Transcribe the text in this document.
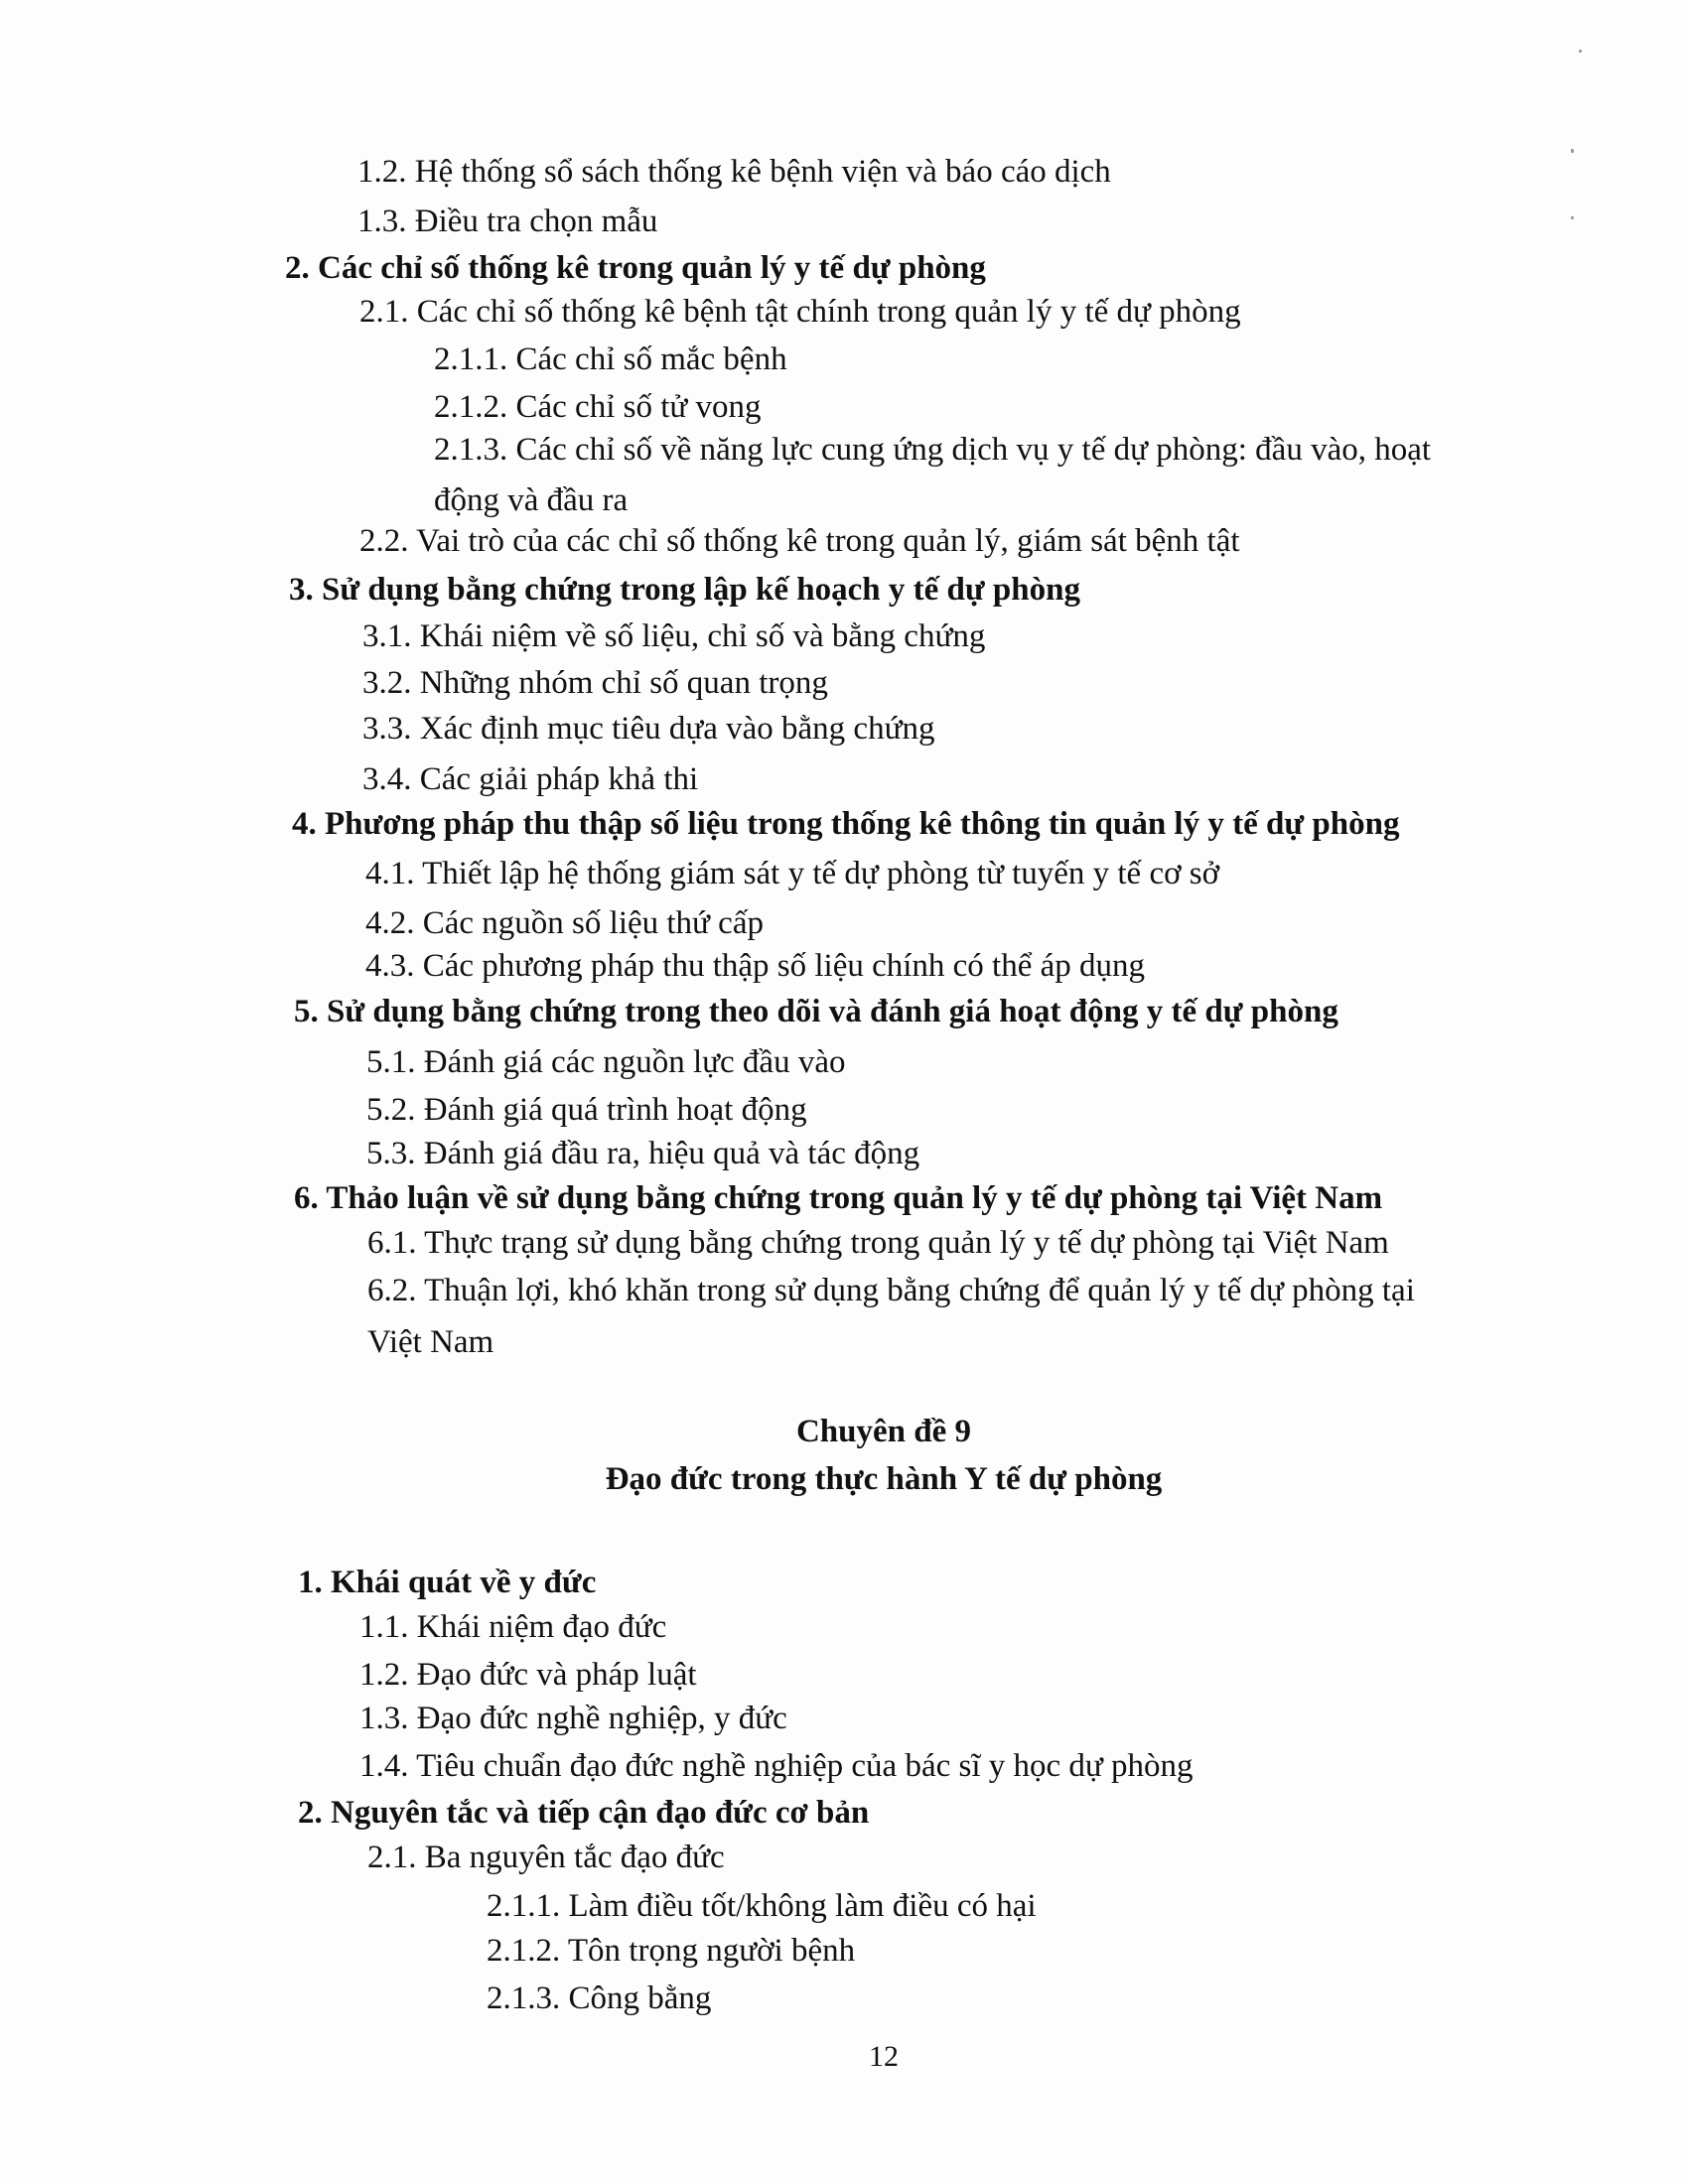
1.2. Hệ thống sổ sách thống kê bệnh viện và báo cáo dịch
1.3. Điều tra chọn mẫu
2. Các chỉ số thống kê trong quản lý y tế dự phòng
2.1. Các chỉ số thống kê bệnh tật chính trong quản lý y tế dự phòng
2.1.1. Các chỉ số mắc bệnh
2.1.2. Các chỉ số tử vong
2.1.3. Các chỉ số về năng lực cung ứng dịch vụ y tế dự phòng: đầu vào, hoạt
động và đầu ra
2.2. Vai trò của các chỉ số thống kê trong quản lý, giám sát bệnh tật
3. Sử dụng bằng chứng trong lập kế hoạch y tế dự phòng
3.1. Khái niệm về số liệu, chỉ số và bằng chứng
3.2. Những nhóm chỉ số quan trọng
3.3. Xác định mục tiêu dựa vào bằng chứng
3.4. Các giải pháp khả thi
4. Phương pháp thu thập số liệu trong thống kê thông tin quản lý y tế dự phòng
4.1. Thiết lập hệ thống giám sát y tế dự phòng từ tuyến y tế cơ sở
4.2. Các nguồn số liệu thứ cấp
4.3. Các phương pháp thu thập số liệu chính có thể áp dụng
5. Sử dụng bằng chứng trong theo dõi và đánh giá hoạt động y tế dự phòng
5.1. Đánh giá các nguồn lực đầu vào
5.2. Đánh giá quá trình hoạt động
5.3. Đánh giá đầu ra, hiệu quả và tác động
6. Thảo luận về sử dụng bằng chứng trong quản lý y tế dự phòng tại Việt Nam
6.1. Thực trạng sử dụng bằng chứng trong quản lý y tế dự phòng tại Việt Nam
6.2. Thuận lợi, khó khăn trong sử dụng bằng chứng để quản lý y tế dự phòng tại
Việt Nam
Chuyên đề 9
Đạo đức trong thực hành Y tế dự phòng
1. Khái quát về y đức
1.1. Khái niệm đạo đức
1.2. Đạo đức và pháp luật
1.3. Đạo đức nghề nghiệp, y đức
1.4. Tiêu chuẩn đạo đức nghề nghiệp của bác sĩ y học dự phòng
2. Nguyên tắc và tiếp cận đạo đức cơ bản
2.1. Ba nguyên tắc đạo đức
2.1.1. Làm điều tốt/không làm điều có hại
2.1.2. Tôn trọng người bệnh
2.1.3. Công bằng
12
